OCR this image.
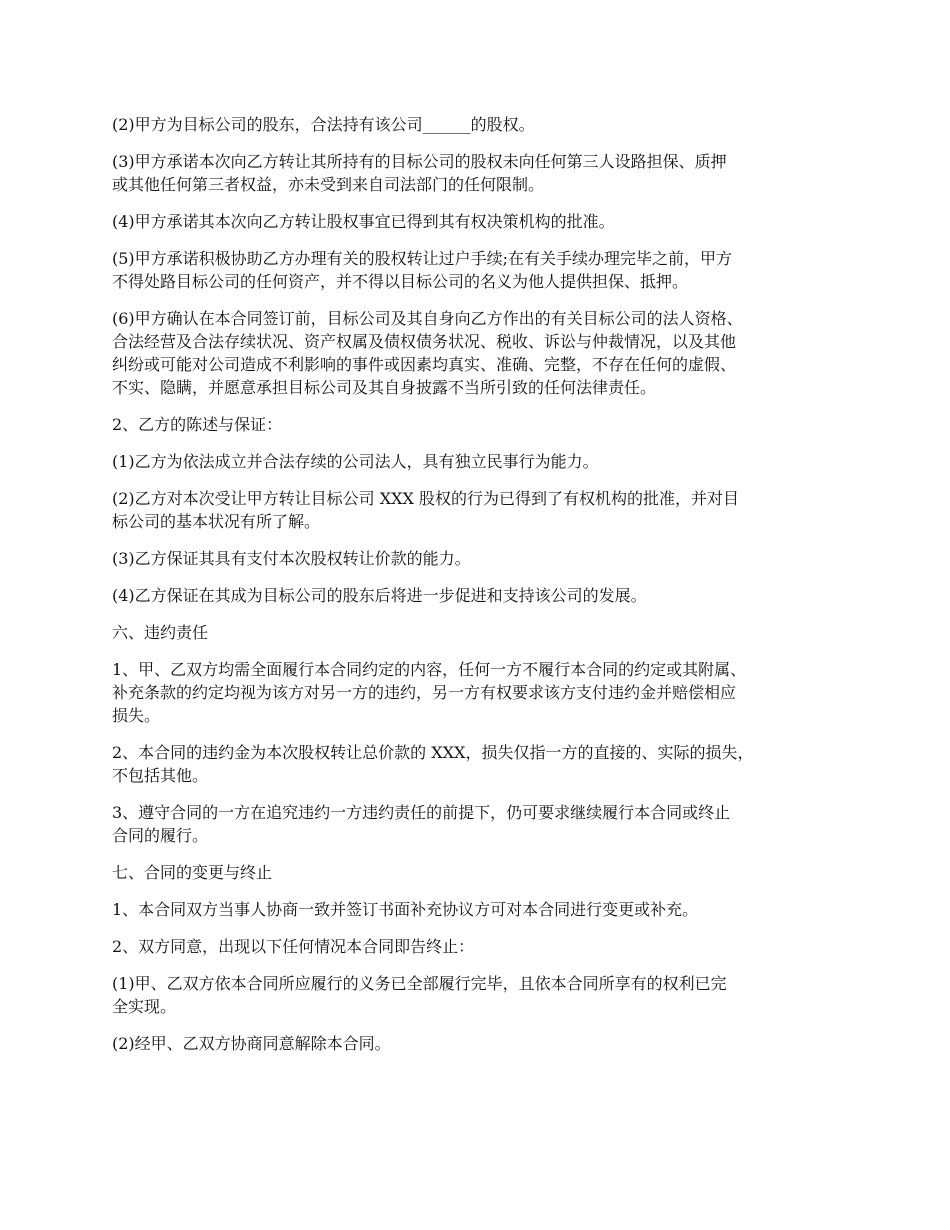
(2)甲方为目标公司的股东，合法持有该公司______的股权。

(3)甲方承诺本次向乙方转让其所持有的目标公司的股权未向任何第三人设路担保、质押
或其他任何第三者权益，亦未受到来自司法部门的任何限制。

(4)甲方承诺其本次向乙方转让股权事宜已得到其有权决策机构的批准。

(5)甲方承诺积极协助乙方办理有关的股权转让过户手续;在有关手续办理完毕之前，甲方
不得处路目标公司的任何资产，并不得以目标公司的名义为他人提供担保、抵押。

(6)甲方确认在本合同签订前，目标公司及其自身向乙方作出的有关目标公司的法人资格、
合法经营及合法存续状况、资产权属及债权债务状况、税收、诉讼与仲裁情况，以及其他
纠纷或可能对公司造成不利影响的事件或因素均真实、准确、完整，不存在任何的虚假、
不实、隐瞒，并愿意承担目标公司及其自身披露不当所引致的任何法律责任。

2、乙方的陈述与保证：

(1)乙方为依法成立并合法存续的公司法人，具有独立民事行为能力。

(2)乙方对本次受让甲方转让目标公司 XXX 股权的行为已得到了有权机构的批准，并对目
标公司的基本状况有所了解。

(3)乙方保证其具有支付本次股权转让价款的能力。

(4)乙方保证在其成为目标公司的股东后将进一步促进和支持该公司的发展。

六、违约责任

1、甲、乙双方均需全面履行本合同约定的内容，任何一方不履行本合同的约定或其附属、
补充条款的约定均视为该方对另一方的违约，另一方有权要求该方支付违约金并赔偿相应
损失。

2、本合同的违约金为本次股权转让总价款的 XXX，损失仅指一方的直接的、实际的损失，
不包括其他。

3、遵守合同的一方在追究违约一方违约责任的前提下，仍可要求继续履行本合同或终止
合同的履行。

七、合同的变更与终止

1、本合同双方当事人协商一致并签订书面补充协议方可对本合同进行变更或补充。

2、双方同意，出现以下任何情况本合同即告终止：

(1)甲、乙双方依本合同所应履行的义务已全部履行完毕，且依本合同所享有的权利已完
全实现。

(2)经甲、乙双方协商同意解除本合同。
